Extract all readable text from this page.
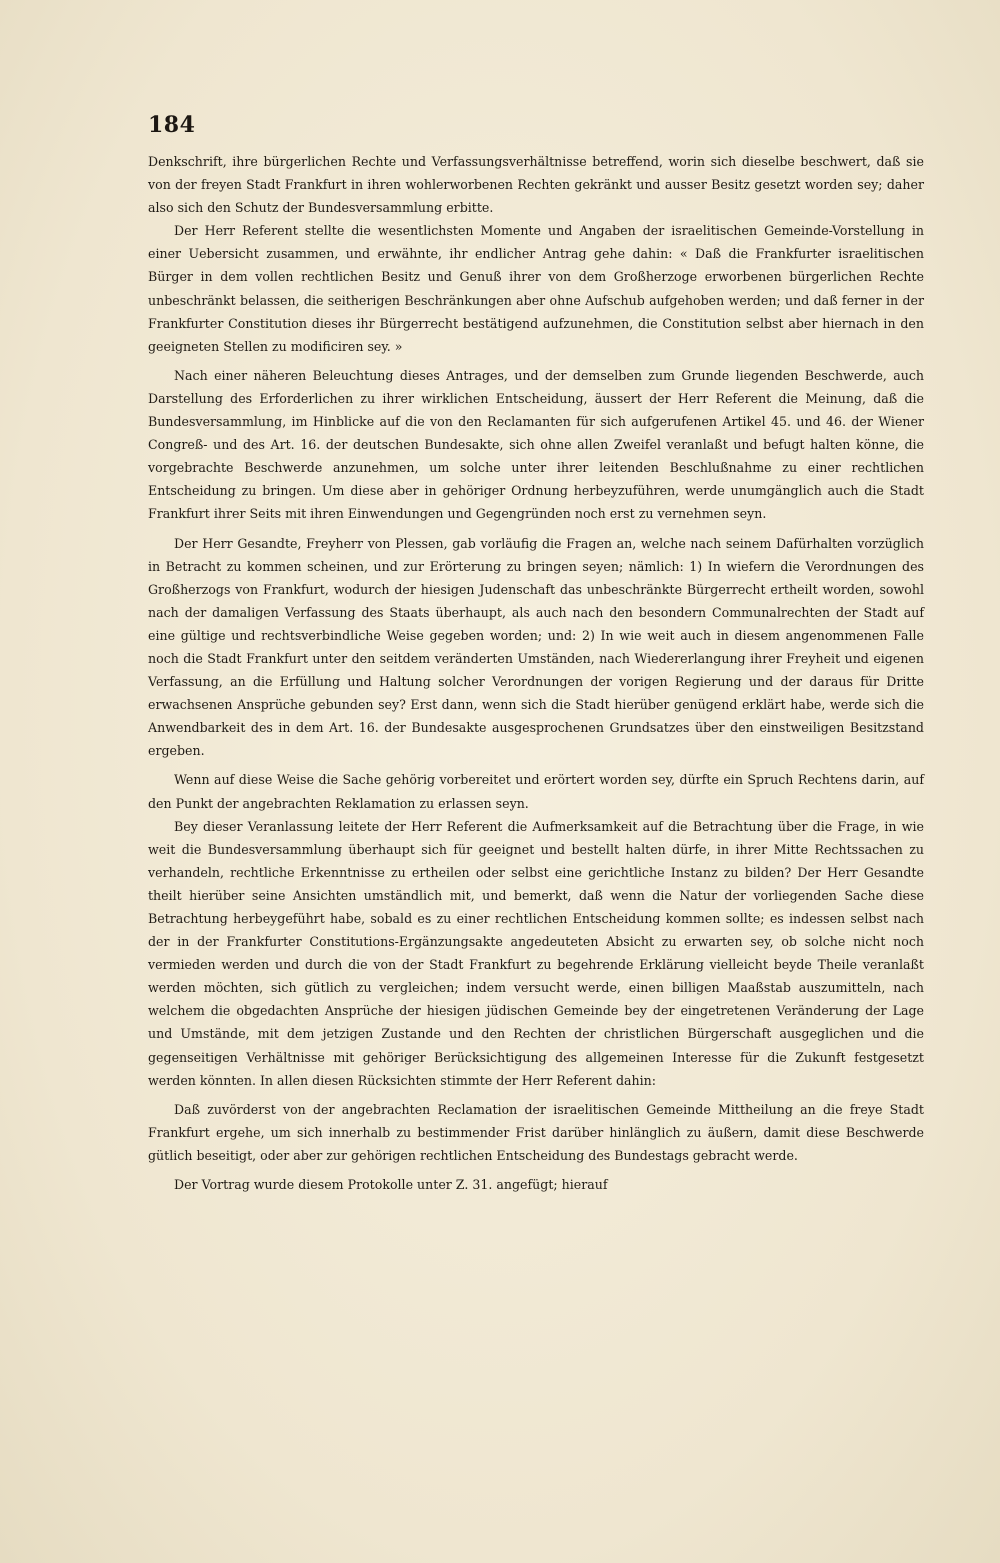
184

Denkschrift, ihre bürgerlichen Rechte und Verfassungsverhältnisse betreffend, worin sich dieselbe beschwert, daß sie von der freyen Stadt Frankfurt in ihren wohlerworbenen Rechten gekränkt und ausser Besitz gesetzt worden sey; daher also sich den Schutz der Bundesversammlung erbitte.

Der Herr Referent stellte die wesentlichsten Momente und Angaben der israelitischen Gemeinde-Vorstellung in einer Uebersicht zusammen, und erwähnte, ihr endlicher Antrag gehe dahin: « Daß die Frankfurter israelitischen Bürger in dem vollen rechtlichen Besitz und Genuß ihrer von dem Großherzoge erworbenen bürgerlichen Rechte unbeschränkt belassen, die seitherigen Beschränkungen aber ohne Aufschub aufgehoben werden; und daß ferner in der Frankfurter Constitution dieses ihr Bürgerrecht bestätigend aufzunehmen, die Constitution selbst aber hiernach in den geeigneten Stellen zu modificiren sey. »

Nach einer näheren Beleuchtung dieses Antrages, und der demselben zum Grunde liegenden Beschwerde, auch Darstellung des Erforderlichen zu ihrer wirklichen Entscheidung, äussert der Herr Referent die Meinung, daß die Bundesversammlung, im Hinblicke auf die von den Reclamanten für sich aufgerufenen Artikel 45. und 46. der Wiener Congreß- und des Art. 16. der deutschen Bundesakte, sich ohne allen Zweifel veranlaßt und befugt halten könne, die vorgebrachte Beschwerde anzunehmen, um solche unter ihrer leitenden Beschlußnahme zu einer rechtlichen Entscheidung zu bringen. Um diese aber in gehöriger Ordnung herbeyzuführen, werde unumgänglich auch die Stadt Frankfurt ihrer Seits mit ihren Einwendungen und Gegengründen noch erst zu vernehmen seyn.

Der Herr Gesandte, Freyherr von Plessen, gab vorläufig die Fragen an, welche nach seinem Dafürhalten vorzüglich in Betracht zu kommen scheinen, und zur Erörterung zu bringen seyen; nämlich: 1) In wiefern die Verordnungen des Großherzogs von Frankfurt, wodurch der hiesigen Judenschaft das unbeschränkte Bürgerrecht ertheilt worden, sowohl nach der damaligen Verfassung des Staats überhaupt, als auch nach den besondern Communalrechten der Stadt auf eine gültige und rechtsverbindliche Weise gegeben worden; und: 2) In wie weit auch in diesem angenommenen Falle noch die Stadt Frankfurt unter den seitdem veränderten Umständen, nach Wiedererlangung ihrer Freyheit und eigenen Verfassung, an die Erfüllung und Haltung solcher Verordnungen der vorigen Regierung und der daraus für Dritte erwachsenen Ansprüche gebunden sey? Erst dann, wenn sich die Stadt hierüber genügend erklärt habe, werde sich die Anwendbarkeit des in dem Art. 16. der Bundesakte ausgesprochenen Grundsatzes über den einstweiligen Besitzstand ergeben.

Wenn auf diese Weise die Sache gehörig vorbereitet und erörtert worden sey, dürfte ein Spruch Rechtens darin, auf den Punkt der angebrachten Reklamation zu erlassen seyn.

Bey dieser Veranlassung leitete der Herr Referent die Aufmerksamkeit auf die Betrachtung über die Frage, in wie weit die Bundesversammlung überhaupt sich für geeignet und bestellt halten dürfe, in ihrer Mitte Rechtssachen zu verhandeln, rechtliche Erkenntnisse zu ertheilen oder selbst eine gerichtliche Instanz zu bilden? Der Herr Gesandte theilt hierüber seine Ansichten umständlich mit, und bemerkt, daß wenn die Natur der vorliegenden Sache diese Betrachtung herbeygeführt habe, sobald es zu einer rechtlichen Entscheidung kommen sollte; es indessen selbst nach der in der Frankfurter Constitutions-Ergänzungsakte angedeuteten Absicht zu erwarten sey, ob solche nicht noch vermieden werden und durch die von der Stadt Frankfurt zu begehrende Erklärung vielleicht beyde Theile veranlaßt werden möchten, sich gütlich zu vergleichen; indem versucht werde, einen billigen Maaßstab auszumitteln, nach welchem die obgedachten Ansprüche der hiesigen jüdischen Gemeinde bey der eingetretenen Veränderung der Lage und Umstände, mit dem jetzigen Zustande und den Rechten der christlichen Bürgerschaft ausgeglichen und die gegenseitigen Verhältnisse mit gehöriger Berücksichtigung des allgemeinen Interesse für die Zukunft festgesetzt werden könnten. In allen diesen Rücksichten stimmte der Herr Referent dahin:

Daß zuvörderst von der angebrachten Reclamation der israelitischen Gemeinde Mittheilung an die freye Stadt Frankfurt ergehe, um sich innerhalb zu bestimmender Frist darüber hinlänglich zu äußern, damit diese Beschwerde gütlich beseitigt, oder aber zur gehörigen rechtlichen Entscheidung des Bundestags gebracht werde.

Der Vortrag wurde diesem Protokolle unter Z. 31. angefügt; hierauf
